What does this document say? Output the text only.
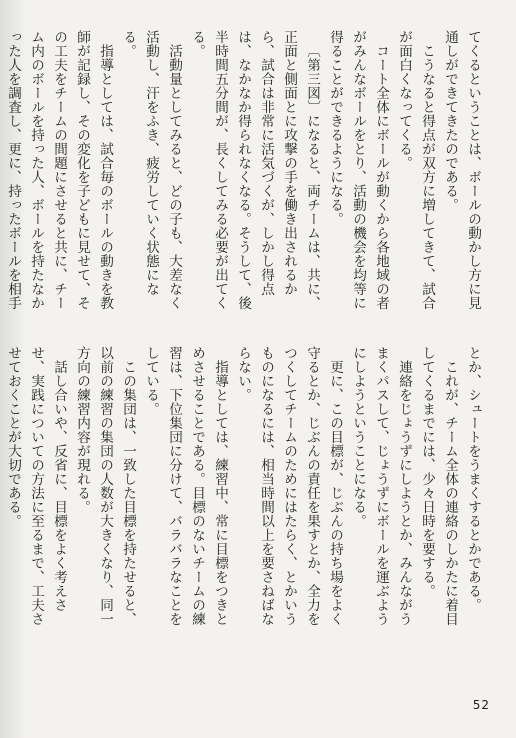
てくるということは、ボールの動かし方に見通しができてきたのである。

こうなると得点が双方に増してきて、試合が面白くなってくる。

コート全体にボールが動くから各地域の者がみんなボールをとり、活動の機会を均等に得ることができるようになる。

〔第三図〕になると、両チームは、共に、正面と側面とに攻撃の手を働き出されるから、試合は非常に活気づくが、しかし得点は、なかなか得られなくなる。そうして、後半時間五分間が、長くしてみる必要が出てくる。

活動量としてみると、どの子も、大差なく活動し、汗をふき、疲労していく状態になる。

指導としては、試合毎のボールの動きを教師が記録し、その変化を子どもに見せて、その工夫をチームの間題にさせると共に、チーム内のボールを持った人、ボールを持たなかった人を調査し、更に、持ったボールを相手

とか、シュートをうまくするとかである。

これが、チーム全体の連絡のしかたに着目してくるまでには、少々日時を要する。

連絡をじょうずにしようとか、みんながうまくパスして、じょうずにボールを運ぶようにしようということになる。

更に、この目標が、じぶんの持ち場をよく守るとか、じぶんの責任を果すとか、全力をつくしてチームのためにはたらく、とかいうものになるには、相当時間以上を要さねばならない。

指導としては、練習中、常に目標をつきとめさせることである。目標のないチームの練習は、下位集団に分けて、バラバラなことをしている。

この集団は、一致した目標を持たせると、以前の練習の集団の人数が大きくなり、同一方向の練習内容が現れる。

話し合いや、反省に、目標をよく考えさせ、実践についての方法に至るまで、工夫させておくことが大切である。

52
